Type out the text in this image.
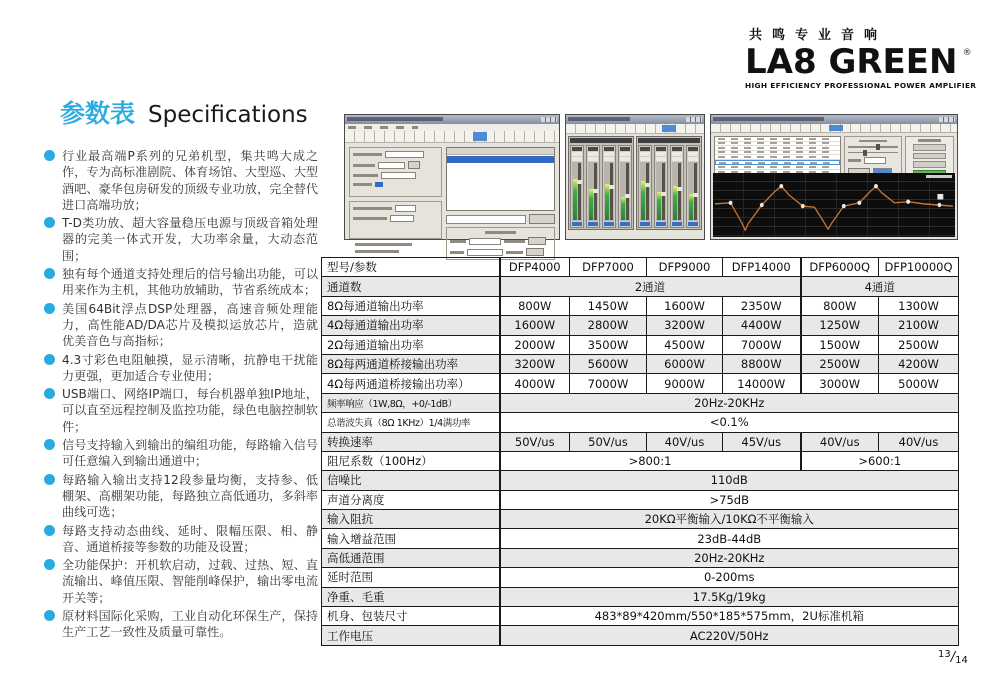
共鸣专业音响
LA8 GREEN ®
HIGH EFFICIENCY PROFESSIONAL POWER AMPLIFIER
参数表 Specifications
行业最高端P系列的兄弟机型，集共鸣大成之作，专为高标准剧院、体育场馆、大型巡、大型酒吧、豪华包房研发的顶级专业功放，完全替代进口高端功放；
T-D类功放、超大容量稳压电源与顶级音箱处理器的完美一体式开发，大功率余量，大动态范围；
独有每个通道支持处理后的信号输出功能，可以用来作为主机，其他功放辅助，节省系统成本；
美国64Bit浮点DSP处理器，高速音频处理能力，高性能AD/DA芯片及模拟运放芯片，造就优美音色与高指标；
4.3寸彩色电阻触摸，显示清晰，抗静电干扰能力更强，更加适合专业使用；
USB端口、网络IP端口，每台机器单独IP地址，可以直至远程控制及监控功能，绿色电脑控制软件；
信号支持输入到输出的编组功能，每路输入信号可任意编入到输出通道中；
每路输入输出支持12段参量均衡，支持参、低棚架、高棚架功能，每路独立高低通功，多斜率曲线可选；
每路支持动态曲线、延时、限幅压限、相、静音、通道桥接等参数的功能及设置；
全功能保护：开机软启动，过载、过热、短、直流输出、峰值压限、智能削峰保护，输出零电流开关等；
原材料国际化采购，工业自动化环保生产，保持生产工艺一致性及质量可靠性。
型号/参数	DFP4000	DFP7000	DFP9000	DFP14000	DFP6000Q	DFP10000Q
通道数	2通道				4通道	
8Ω每通道输出功率	800W	1450W	1600W	2350W	800W	1300W
4Ω每通道输出功率	1600W	2800W	3200W	4400W	1250W	2100W
2Ω每通道输出功率	2000W	3500W	4500W	7000W	1500W	2500W
8Ω每两通道桥接输出功率	3200W	5600W	6000W	8800W	2500W	4200W
4Ω每两通道桥接输出功率）	4000W	7000W	9000W	14000W	3000W	5000W
频率响应（1W,8Ω，+0/-1dB）	20Hz-20KHz					
总谐波失真（8Ω 1KHz）1/4满功率	<0.1%					
转换速率	50V/us	50V/us	40V/us	45V/us	40V/us	40V/us
阻尼系数（100Hz）	>800:1				>600:1	
信噪比	110dB					
声道分离度	>75dB					
输入阻抗	20KΩ平衡输入/10KΩ不平衡输入					
输入增益范围	23dB-44dB					
高低通范围	20Hz-20KHz					
延时范围	0-200ms					
净重、毛重	17.5Kg/19kg					
机身、包装尺寸	483*89*420mm/550*185*575mm，2U标准机箱					
工作电压	AC220V/50Hz					
$^{13}$/14
